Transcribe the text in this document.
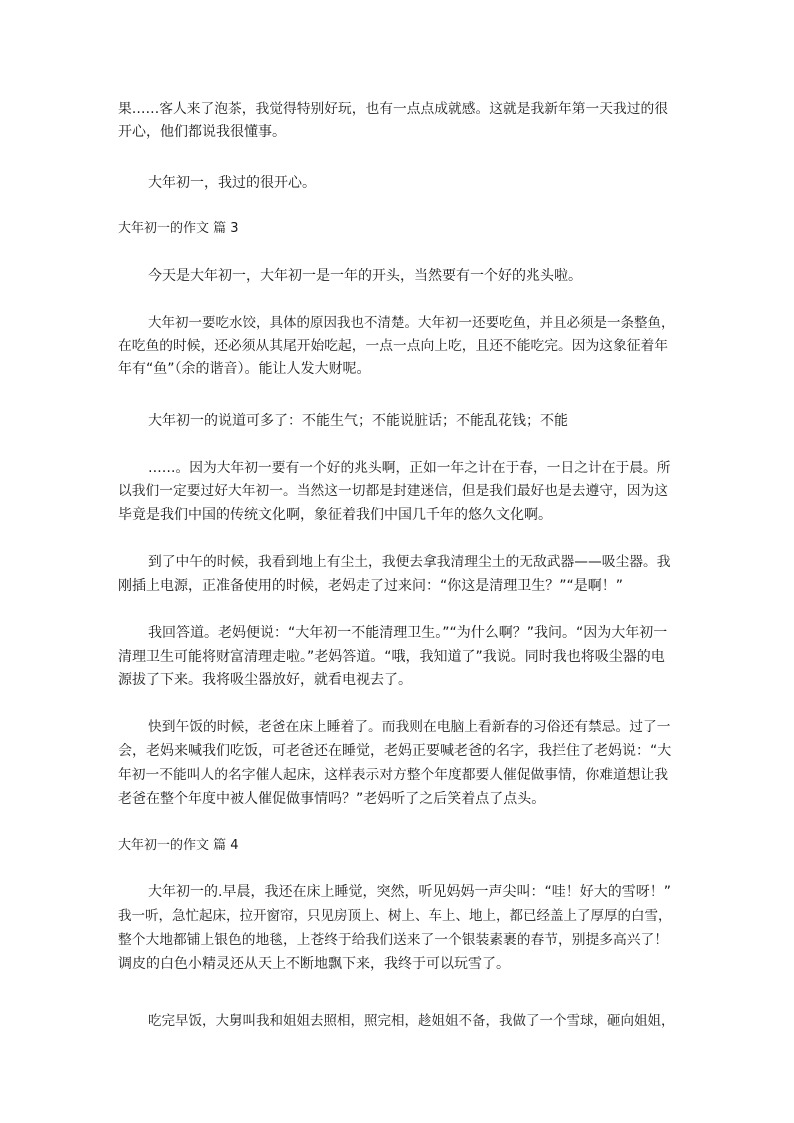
果……客人来了泡茶，我觉得特别好玩，也有一点点成就感。这就是我新年第一天我过的很
开心，他们都说我很懂事。
大年初一，我过的很开心。
大年初一的作文 篇 3
今天是大年初一，大年初一是一年的开头，当然要有一个好的兆头啦。
大年初一要吃水饺，具体的原因我也不清楚。大年初一还要吃鱼，并且必须是一条整鱼，
在吃鱼的时候，还必须从其尾开始吃起，一点一点向上吃，且还不能吃完。因为这象征着年
年有“鱼”（余的谐音）。能让人发大财呢。
大年初一的说道可多了：不能生气；不能说脏话；不能乱花钱；不能
……。因为大年初一要有一个好的兆头啊，正如一年之计在于春，一日之计在于晨。所
以我们一定要过好大年初一。当然这一切都是封建迷信，但是我们最好也是去遵守，因为这
毕竟是我们中国的传统文化啊，象征着我们中国几千年的悠久文化啊。
到了中午的时候，我看到地上有尘土，我便去拿我清理尘土的无敌武器——吸尘器。我
刚插上电源，正准备使用的时候，老妈走了过来问：“你这是清理卫生？”“是啊！”
我回答道。老妈便说：“大年初一不能清理卫生。”“为什么啊？”我问。“因为大年初一
清理卫生可能将财富清理走啦。”老妈答道。“哦，我知道了”我说。同时我也将吸尘器的电
源拔了下来。我将吸尘器放好，就看电视去了。
快到午饭的时候，老爸在床上睡着了。而我则在电脑上看新春的习俗还有禁忌。过了一
会，老妈来喊我们吃饭，可老爸还在睡觉，老妈正要喊老爸的名字，我拦住了老妈说：“大
年初一不能叫人的名字催人起床，这样表示对方整个年度都要人催促做事情，你难道想让我
老爸在整个年度中被人催促做事情吗？”老妈听了之后笑着点了点头。
大年初一的作文 篇 4
大年初一的.早晨，我还在床上睡觉，突然，听见妈妈一声尖叫：“哇！好大的雪呀！”
我一听，急忙起床，拉开窗帘，只见房顶上、树上、车上、地上，都已经盖上了厚厚的白雪，
整个大地都铺上银色的地毯，上苍终于给我们送来了一个银装素裹的春节，别提多高兴了！
调皮的白色小精灵还从天上不断地飘下来，我终于可以玩雪了。
吃完早饭，大舅叫我和姐姐去照相，照完相，趁姐姐不备，我做了一个雪球，砸向姐姐，
